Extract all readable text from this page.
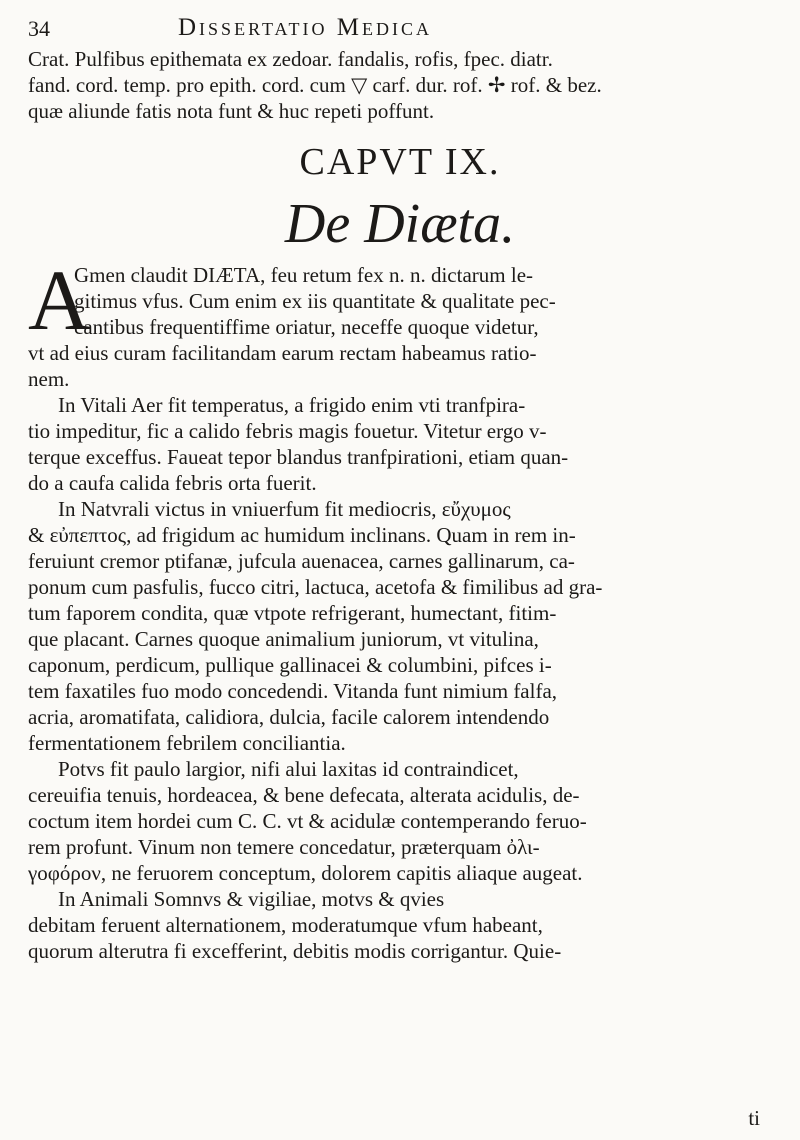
34	Dissertatio Medica
Crat. Pulfibus epithemata ex zedoar. fandalis, rofis, fpec. diatr.
fand. cord. temp. pro epith. cord. cum ▽ carf. dur. rof. ✢ rof. & bez.
quæ aliunde fatis nota funt & huc repeti poffunt.
CAPVT IX.
De Diæta.
A
Gmen claudit DIÆTA, feu retum fex n. n. dictarum le-
gitimus vfus. Cum enim ex iis quantitate & qualitate pec-
cantibus frequentiffime oriatur, neceffe quoque videtur,
vt ad eius curam facilitandam earum rectam habeamus ratio-
nem.
In Vitali Aer fit temperatus, a frigido enim vti tranfpira-
tio impeditur, fic a calido febris magis fouetur. Vitetur ergo v-
terque exceffus. Faueat tepor blandus tranfpirationi, etiam quan-
do a caufa calida febris orta fuerit.
In Natvrali victus in vniuerfum fit mediocris, εὔχυμος
& εὐπεπτος, ad frigidum ac humidum inclinans. Quam in rem in-
feruiunt cremor ptifanæ, jufcula auenacea, carnes gallinarum, ca-
ponum cum pasfulis, fucco citri, lactuca, acetofa & fimilibus ad gra-
tum faporem condita, quæ vtpote refrigerant, humectant, fitim-
que placant. Carnes quoque animalium juniorum, vt vitulina,
caponum, perdicum, pullique gallinacei & columbini, pifces i-
tem faxatiles fuo modo concedendi. Vitanda funt nimium falfa,
acria, aromatifata, calidiora, dulcia, facile calorem intendendo
fermentationem febrilem conciliantia.
Potvs fit paulo largior, nifi alui laxitas id contraindicet,
cereuifia tenuis, hordeacea, & bene defecata, alterata acidulis, de-
coctum item hordei cum C. C. vt & acidulæ contemperando feruo-
rem profunt. Vinum non temere concedatur, præterquam ὀλι-
γοφόρον, ne feruorem conceptum, dolorem capitis aliaque augeat.
In Animali Somnvs & vigiliae, motvs & qvies
debitam feruent alternationem, moderatumque vfum habeant,
quorum alterutra fi excefferint, debitis modis corrigantur. Quie-
ti
